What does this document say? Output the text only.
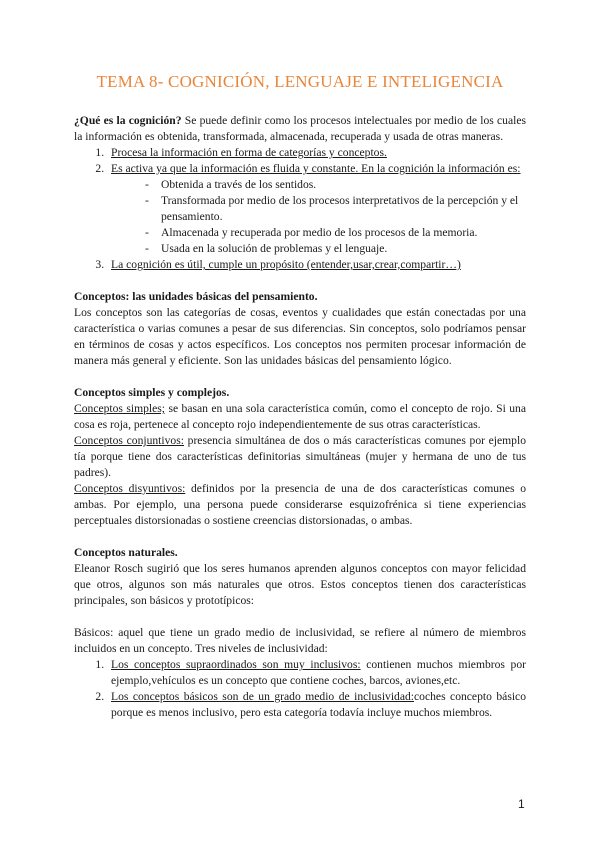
TEMA 8- COGNICIÓN, LENGUAJE E INTELIGENCIA

¿Qué es la cognición? Se puede definir como los procesos intelectuales por medio de los cuales la información es obtenida, transformada, almacenada, recuperada y usada de otras maneras.

1. Procesa la información en forma de categorías y conceptos.
2. Es activa ya que la información es fluida y constante. En la cognición la información es:
- Obtenida a través de los sentidos.
- Transformada por medio de los procesos interpretativos de la percepción y el pensamiento.
- Almacenada y recuperada por medio de los procesos de la memoria.
- Usada en la solución de problemas y el lenguaje.
3. La cognición es útil, cumple un propósito (entender,usar,crear,compartir…)

Conceptos: las unidades básicas del pensamiento.

Los conceptos son las categorías de cosas, eventos y cualidades que están conectadas por una característica o varias comunes a pesar de sus diferencias. Sin conceptos, solo podríamos pensar en términos de cosas y actos específicos. Los conceptos nos permiten procesar información de manera más general y eficiente. Son las unidades básicas del pensamiento lógico.

Conceptos simples y complejos.

Conceptos simples; se basan en una sola característica común, como el concepto de rojo. Si una cosa es roja, pertenece al concepto rojo independientemente de sus otras características.

Conceptos conjuntivos: presencia simultánea de dos o más características comunes por ejemplo tía porque tiene dos características definitorias simultáneas (mujer y hermana de uno de tus padres).

Conceptos disyuntivos: definidos por la presencia de una de dos características comunes o ambas. Por ejemplo, una persona puede considerarse esquizofrénica si tiene experiencias perceptuales distorsionadas o sostiene creencias distorsionadas, o ambas.

Conceptos naturales.

Eleanor Rosch sugirió que los seres humanos aprenden algunos conceptos con mayor felicidad que otros, algunos son más naturales que otros. Estos conceptos tienen dos características principales, son básicos y prototípicos:

Básicos: aquel que tiene un grado medio de inclusividad, se refiere al número de miembros incluidos en un concepto. Tres niveles de inclusividad:

1. Los conceptos supraordinados son muy inclusivos: contienen muchos miembros por ejemplo,vehículos es un concepto que contiene coches, barcos, aviones,etc.
2. Los conceptos básicos son de un grado medio de inclusividad:coches concepto básico porque es menos inclusivo, pero esta categoría todavía incluye muchos miembros.
1
